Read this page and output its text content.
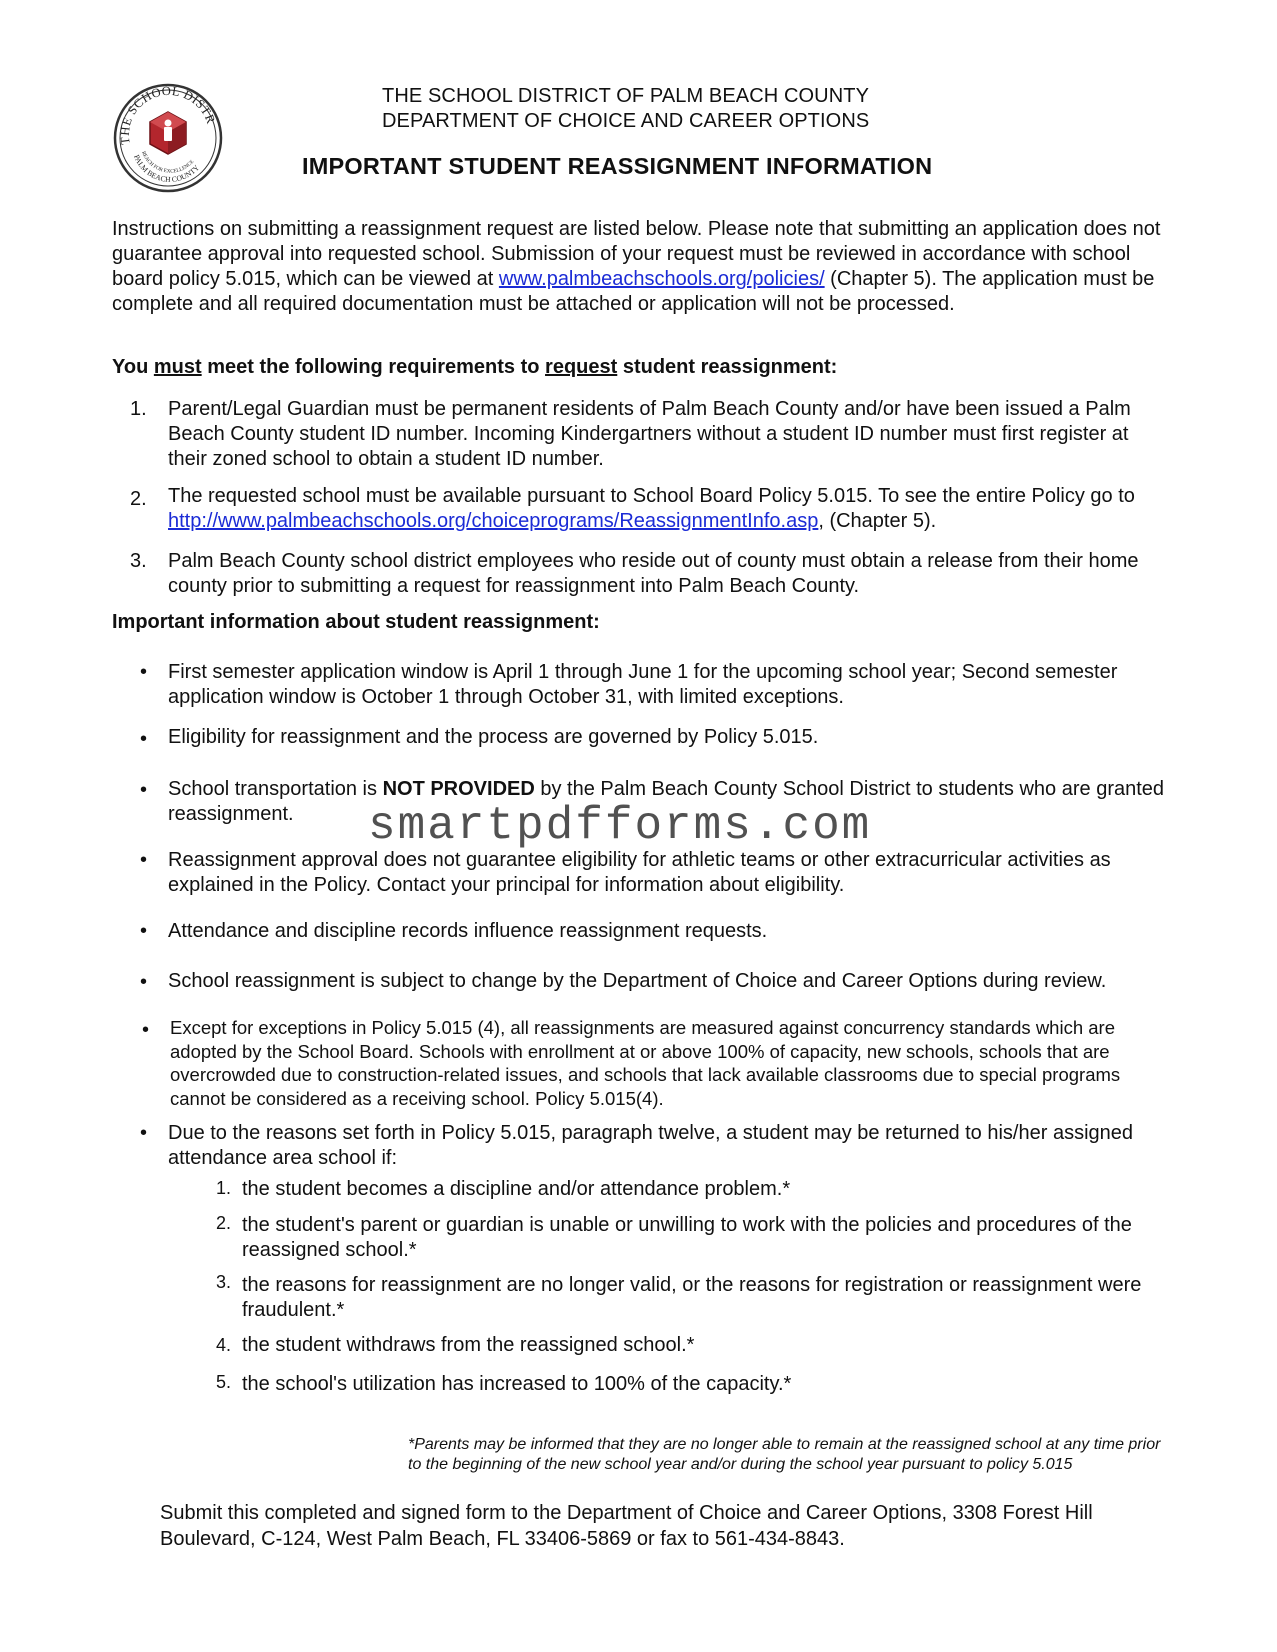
THE SCHOOL DISTR
REACH FOR EXCELLENCE
PALM BEACH COUNTY
THE SCHOOL DISTRICT OF PALM BEACH COUNTY
DEPARTMENT OF CHOICE AND CAREER OPTIONS
IMPORTANT STUDENT REASSIGNMENT INFORMATION
Instructions on submitting a reassignment request are listed below. Please note that submitting an application does not guarantee approval into requested school. Submission of your request must be reviewed in accordance with school board policy 5.015, which can be viewed at www.palmbeachschools.org/policies/ (Chapter 5). The application must be complete and all required documentation must be attached or application will not be processed.
You must meet the following requirements to request student reassignment:
1. Parent/Legal Guardian must be permanent residents of Palm Beach County and/or have been issued a Palm Beach County student ID number. Incoming Kindergartners without a student ID number must first register at their zoned school to obtain a student ID number.
2. The requested school must be available pursuant to School Board Policy 5.015. To see the entire Policy go to http://www.palmbeachschools.org/choiceprograms/ReassignmentInfo.asp, (Chapter 5).
3. Palm Beach County school district employees who reside out of county must obtain a release from their home county prior to submitting a request for reassignment into Palm Beach County.
Important information about student reassignment:
• First semester application window is April 1 through June 1 for the upcoming school year; Second semester application window is October 1 through October 31, with limited exceptions.
• Eligibility for reassignment and the process are governed by Policy 5.015.
• School transportation is NOT PROVIDED by the Palm Beach County School District to students who are granted reassignment.	smartpdfforms.com
• Reassignment approval does not guarantee eligibility for athletic teams or other extracurricular activities as explained in the Policy. Contact your principal for information about eligibility.
• Attendance and discipline records influence reassignment requests.
• School reassignment is subject to change by the Department of Choice and Career Options during review.
• Except for exceptions in Policy 5.015 (4), all reassignments are measured against concurrency standards which are adopted by the School Board. Schools with enrollment at or above 100% of capacity, new schools, schools that are overcrowded due to construction-related issues, and schools that lack available classrooms due to special programs cannot be considered as a receiving school. Policy 5.015(4).
• Due to the reasons set forth in Policy 5.015, paragraph twelve, a student may be returned to his/her assigned attendance area school if:
1. the student becomes a discipline and/or attendance problem.*
2. the student's parent or guardian is unable or unwilling to work with the policies and procedures of the reassigned school.*
3. the reasons for reassignment are no longer valid, or the reasons for registration or reassignment were fraudulent.*
4. the student withdraws from the reassigned school.*
5. the school's utilization has increased to 100% of the capacity.*
*Parents may be informed that they are no longer able to remain at the reassigned school at any time prior to the beginning of the new school year and/or during the school year pursuant to policy 5.015
Submit this completed and signed form to the Department of Choice and Career Options, 3308 Forest Hill Boulevard, C-124, West Palm Beach, FL 33406-5869 or fax to 561-434-8843.
